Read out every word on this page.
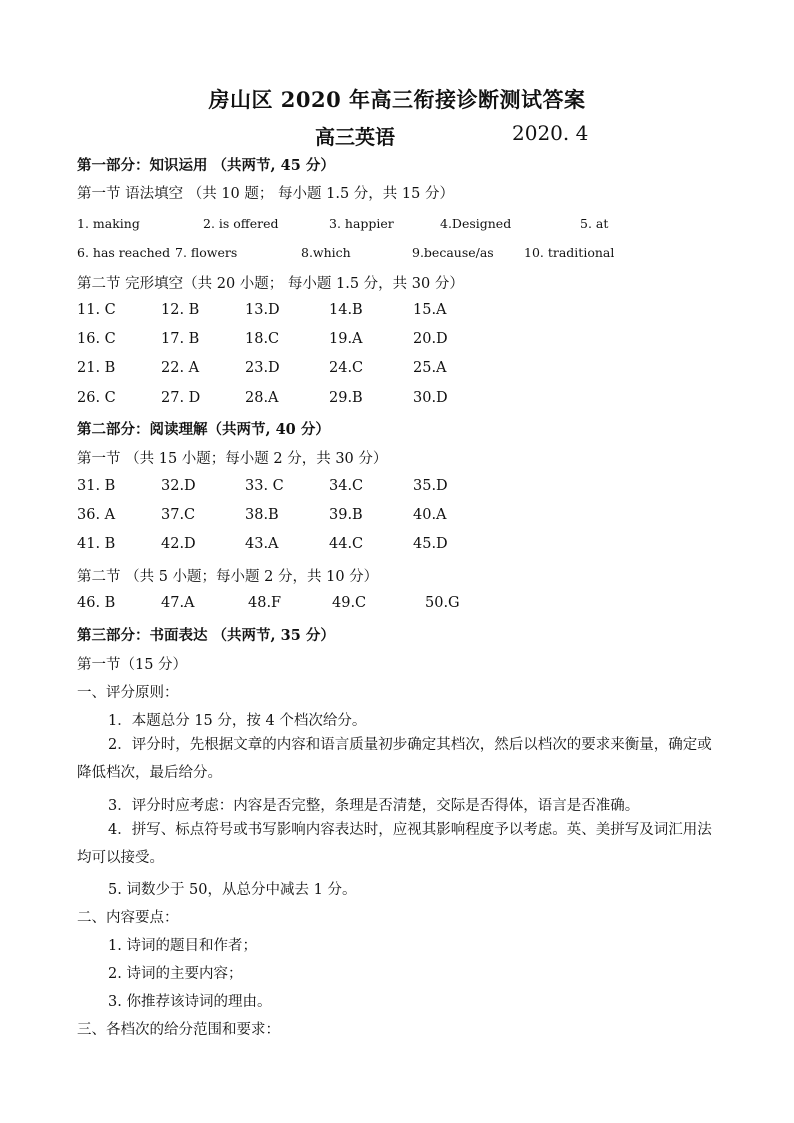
房山区 2020 年高三衔接诊断测试答案
高三英语	2020. 4
第一部分：知识运用 （共两节, 45 分）
第一节 语法填空 （共 10 题； 每小题 1.5 分，共 15 分）
1. making	2. is offered	3. happier	4.Designed	5. at
6. has reached 7. flowers	8.which	9.because/as 10. traditional
第二节 完形填空（共 20 小题； 每小题 1.5 分，共 30 分）
11. C	12. B	13.D	14.B	15.A
16. C	17. B	18.C	19.A	20.D
21. B	22. A	23.D	24.C	25.A
26. C	27. D	28.A	29.B	30.D
第二部分：阅读理解（共两节, 40 分）
第一节 （共 15 小题；每小题 2 分，共 30 分）
31. B	32.D	33. C	34.C	35.D
36. A	37.C	38.B	39.B	40.A
41. B	42.D	43.A	44.C	45.D
第二节 （共 5 小题；每小题 2 分，共 10 分）
46. B	47.A	48.F	49.C	50.G
第三部分：书面表达 （共两节, 35 分）
第一节（15 分）
一、评分原则：
1．本题总分 15 分，按 4 个档次给分。
2．评分时，先根据文章的内容和语言质量初步确定其档次，然后以档次的要求来衡量，确定或降低档次，最后给分。
3．评分时应考虑：内容是否完整，条理是否清楚，交际是否得体，语言是否准确。
4．拼写、标点符号或书写影响内容表达时，应视其影响程度予以考虑。英、美拼写及词汇用法均可以接受。
5. 词数少于 50，从总分中减去 1 分。
二、内容要点：
1. 诗词的题目和作者；
2. 诗词的主要内容；
3. 你推荐该诗词的理由。
三、各档次的给分范围和要求：
